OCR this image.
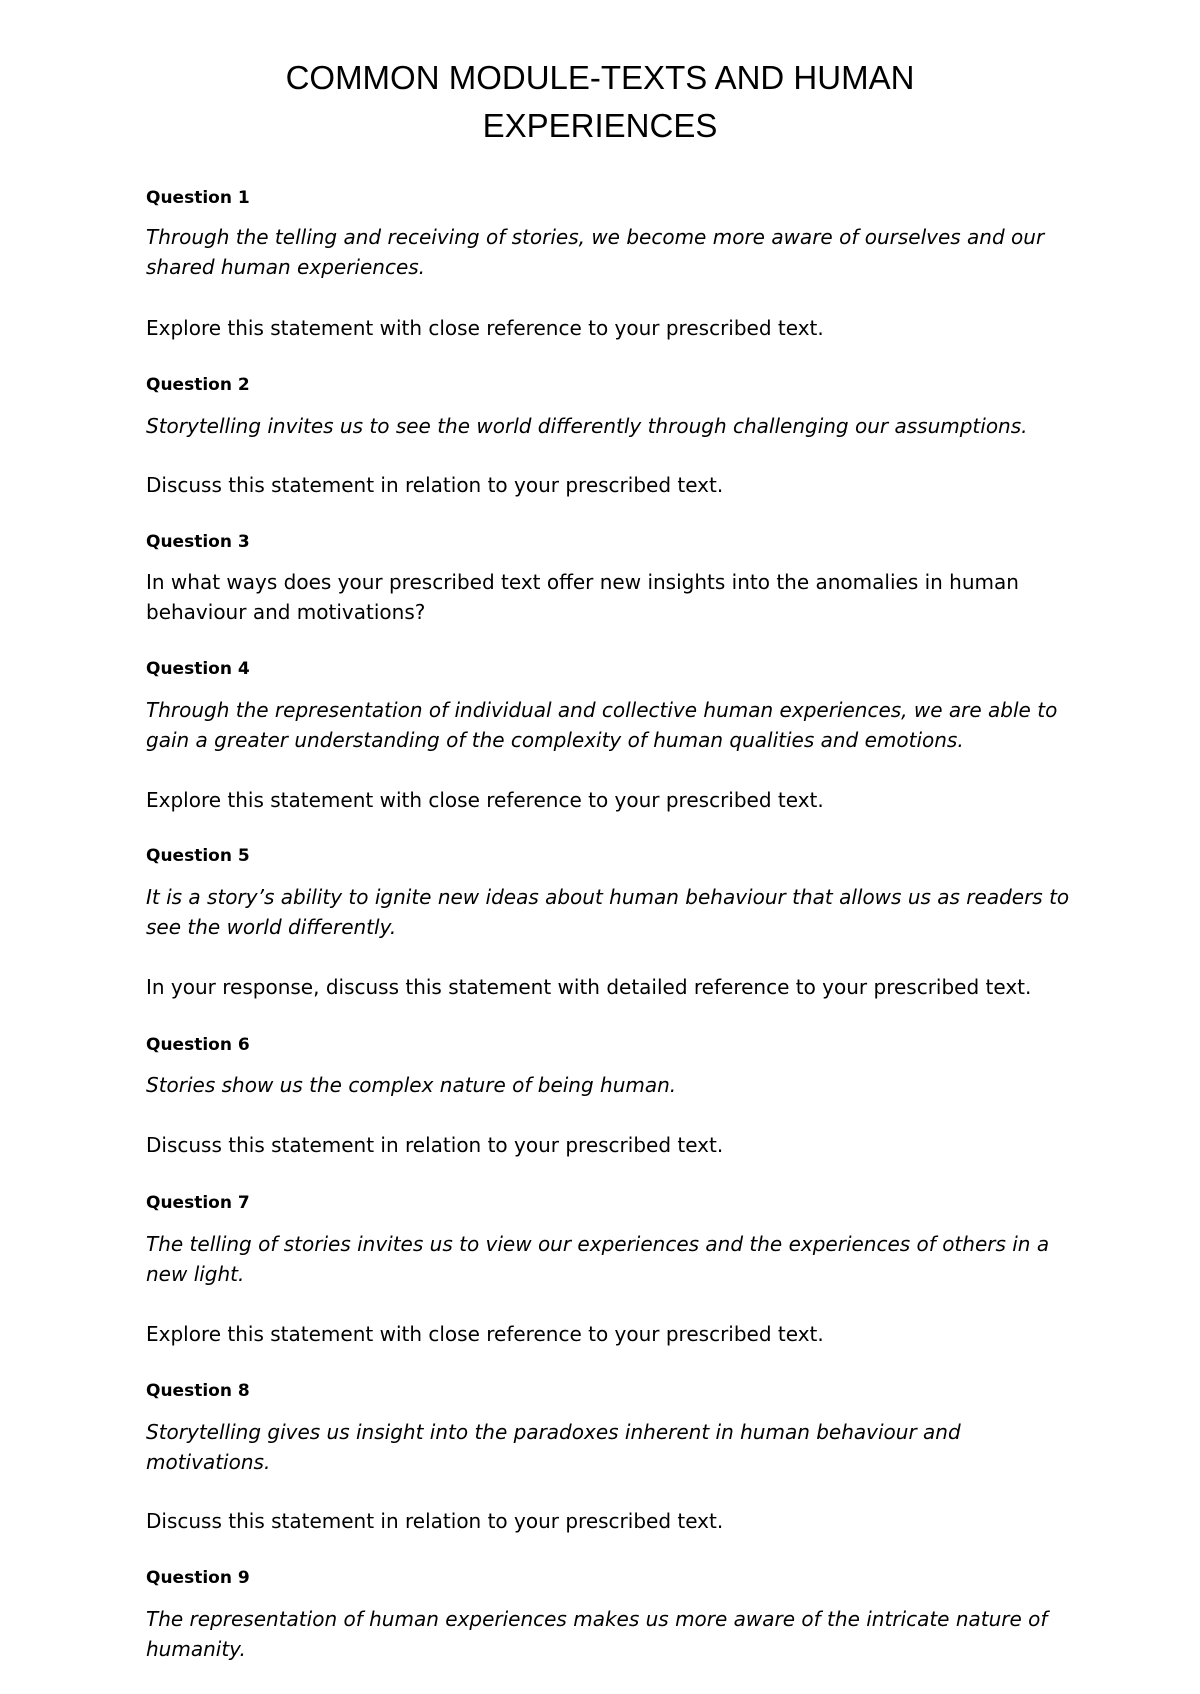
COMMON MODULE-TEXTS AND HUMAN
EXPERIENCES
Question 1
Through the telling and receiving of stories, we become more aware of ourselves and our shared human experiences.
Explore this statement with close reference to your prescribed text.
Question 2
Storytelling invites us to see the world differently through challenging our assumptions.
Discuss this statement in relation to your prescribed text.
Question 3
In what ways does your prescribed text offer new insights into the anomalies in human behaviour and motivations?
Question 4
Through the representation of individual and collective human experiences, we are able to gain a greater understanding of the complexity of human qualities and emotions.
Explore this statement with close reference to your prescribed text.
Question 5
It is a story’s ability to ignite new ideas about human behaviour that allows us as readers to see the world differently.
In your response, discuss this statement with detailed reference to your prescribed text.
Question 6
Stories show us the complex nature of being human.
Discuss this statement in relation to your prescribed text.
Question 7
The telling of stories invites us to view our experiences and the experiences of others in a new light.
Explore this statement with close reference to your prescribed text.
Question 8
Storytelling gives us insight into the paradoxes inherent in human behaviour and motivations.
Discuss this statement in relation to your prescribed text.
Question 9
The representation of human experiences makes us more aware of the intricate nature of humanity.
